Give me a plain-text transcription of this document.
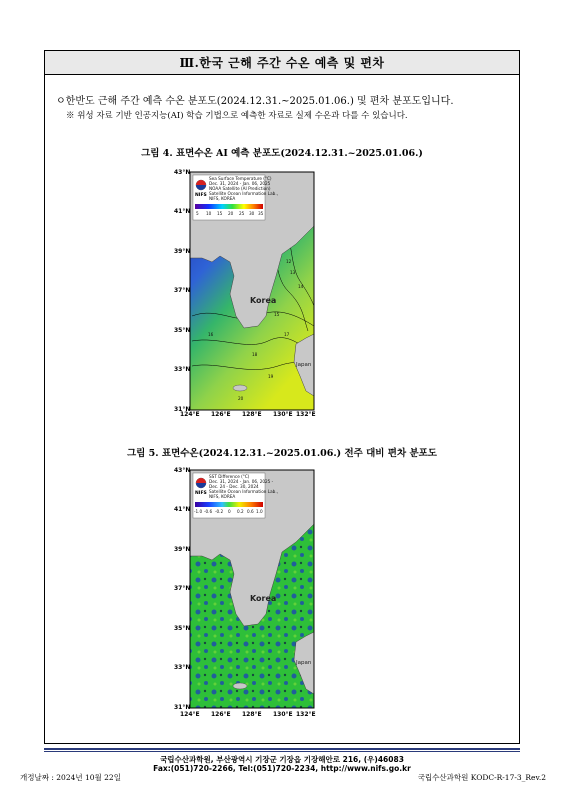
Ⅲ.한국 근해 주간 수온 예측 및 편차
ㅇ한반도 근해 주간 예측 수온 분포도(2024.12.31.~2025.01.06.) 및 편차 분포도입니다.
※ 위성 자료 기반 인공지능(AI) 학습 기법으로 예측한 자료로 실제 수온과 다를 수 있습니다.
그림 4. 표면수온 AI 예측 분포도(2024.12.31.~2025.01.06.)
Korea
Japan
12
13
14
15
16	17
18
19
20
NIFS
Sea Surface Temperature (°C)
Dec. 31, 2024 - Jan. 06, 2025
NOAA Satellite (AI Prediction)
Satellite Ocean Information Lab.,
NIFS, KOREA
5 10 15 20 25 30 35
43°N
41°N
39°N
37°N
35°N
33°N
31°N
124°E 126°E 128°E 130°E 132°E
그림 5. 표면수온(2024.12.31.~2025.01.06.) 전주 대비 편차 분포도
Korea
Japan
NIFS
SST Difference (°C)
Dec. 31, 2024 - Jan. 06, 2025 -
Dec. 24 - Dec. 30, 2024
Satellite Ocean Information Lab.,
NIFS, KOREA
-1.0 -0.6 -0.2 0 0.2 0.6 1.0
43°N
41°N
39°N
37°N
35°N
33°N
31°N
124°E 126°E 128°E 130°E 132°E
국립수산과학원, 부산광역시 기장군 기장읍 기장해안로 216, (우)46083
Fax:(051)720-2266, Tel:(051)720-2234, http://www.nifs.go.kr
개정날짜 : 2024년 10월 22일	국립수산과학원 KODC-R-17-3_Rev.2
